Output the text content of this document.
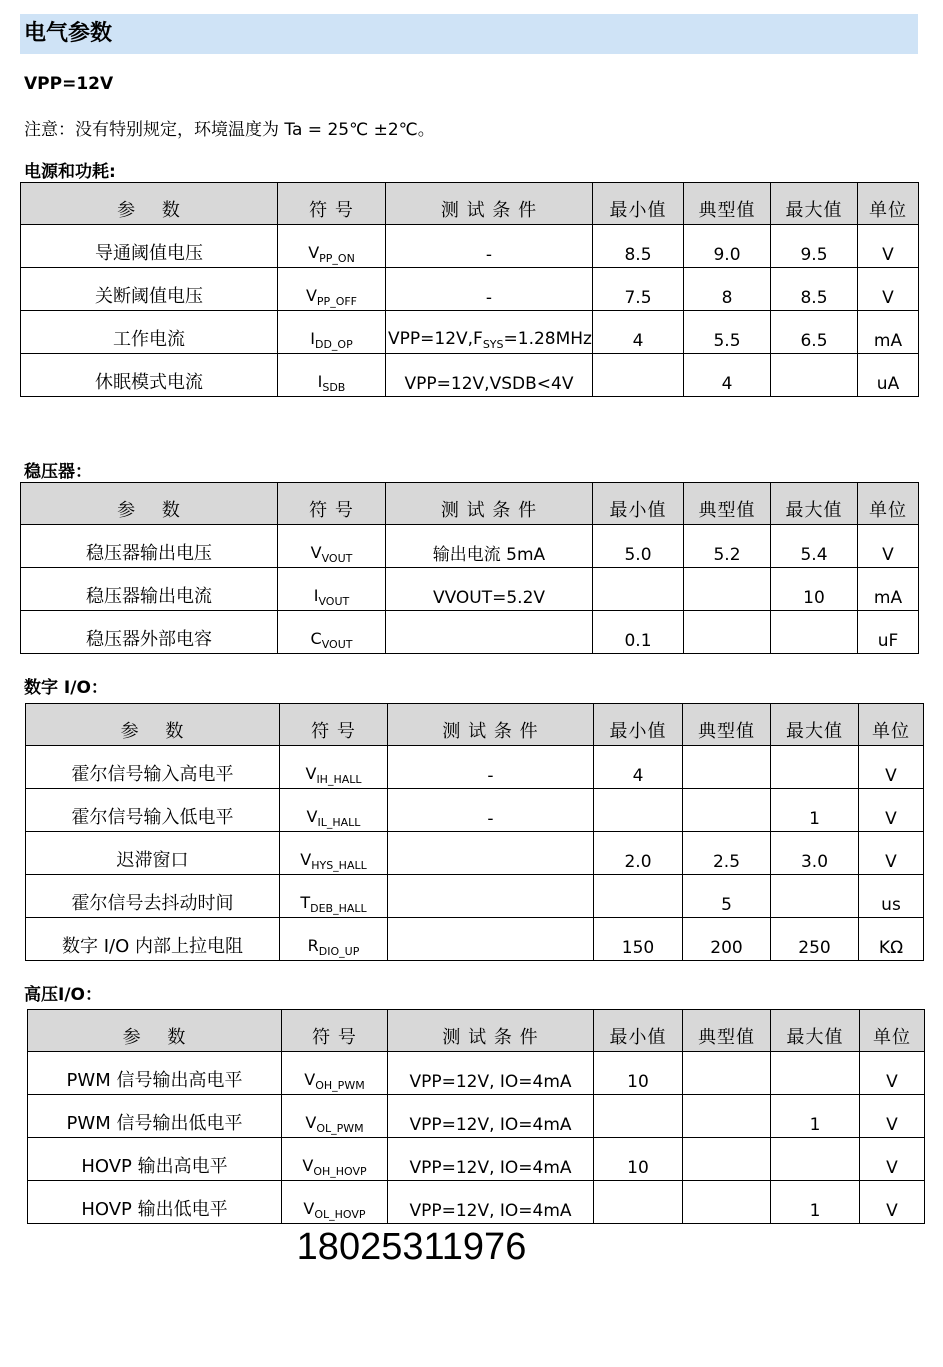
电气参数
VPP=12V
注意：没有特别规定，环境温度为 Ta = 25℃ ±2℃。
电源和功耗:
参　 数	符 号	测 试 条 件	最小值	典型值	最大值	单位
导通阈值电压	$V_{PP\_ON}$	-	8.5	9.0	9.5	V
关断阈值电压	$V_{PP\_OFF}$	-	7.5	8	8.5	V
工作电流	$I_{DD\_OP}$	$VPP=12V,F_{SYS}=1.28MHz$	4	5.5	6.5	mA
休眠模式电流	$I_{SDB}$	VPP=12V,VSDB<4V		4		uA
稳压器：
参　 数	符 号	测 试 条 件	最小值	典型值	最大值	单位
稳压器输出电压	$V_{VOUT}$	输出电流 5mA	5.0	5.2	5.4	V
稳压器输出电流	$I_{VOUT}$	VVOUT=5.2V			10	mA
稳压器外部电容	$C_{VOUT}$		0.1			uF
数字 I/O：
参　 数	符 号	测 试 条 件	最小值	典型值	最大值	单位
霍尔信号输入高电平	$V_{IH\_HALL}$	-	4			V
霍尔信号输入低电平	$V_{IL\_HALL}$	-			1	V
迟滞窗口	$V_{HYS\_HALL}$		2.0	2.5	3.0	V
霍尔信号去抖动时间	$T_{DEB\_HALL}$			5		us
数字 I/O 内部上拉电阻	$R_{DIO\_UP}$		150	200	250	KΩ
高压I/O：
参　 数	符 号	测 试 条 件	最小值	典型值	最大值	单位
PWM 信号输出高电平	$V_{OH\_PWM}$	VPP=12V, IO=4mA	10			V
PWM 信号输出低电平	$V_{OL\_PWM}$	VPP=12V, IO=4mA			1	V
HOVP 输出高电平	$V_{OH\_HOVP}$	VPP=12V, IO=4mA	10			V
HOVP 输出低电平	$V_{OL\_HOVP}$	VPP=12V, IO=4mA			1	V
18025311976
